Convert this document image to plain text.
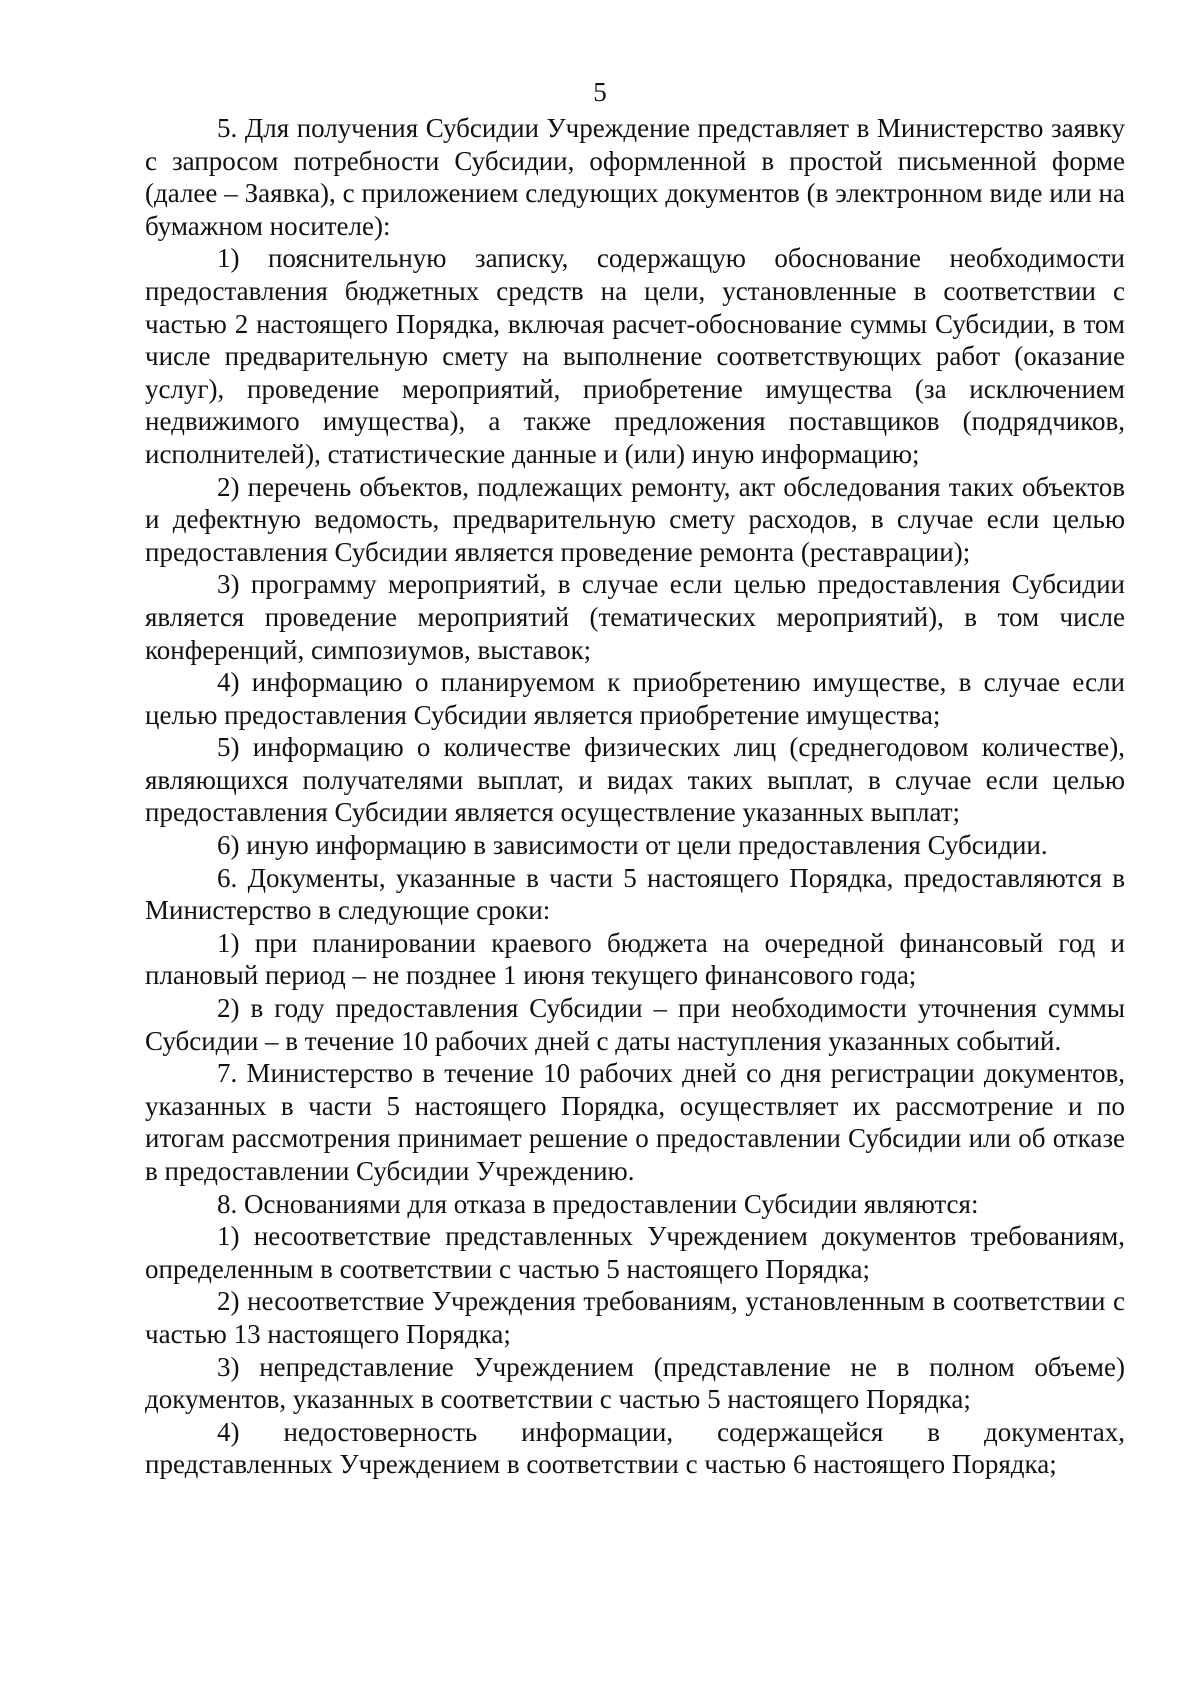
5

5. Для получения Субсидии Учреждение представляет в Министерство заявку с запросом потребности Субсидии, оформленной в простой письменной форме (далее – Заявка), с приложением следующих документов (в электронном виде или на бумажном носителе):

1) пояснительную записку, содержащую обоснование необходимости предоставления бюджетных средств на цели, установленные в соответствии с частью 2 настоящего Порядка, включая расчет-обоснование суммы Субсидии, в том числе предварительную смету на выполнение соответствующих работ (оказание услуг), проведение мероприятий, приобретение имущества (за исключением недвижимого имущества), а также предложения поставщиков (подрядчиков, исполнителей), статистические данные и (или) иную информацию;

2) перечень объектов, подлежащих ремонту, акт обследования таких объектов и дефектную ведомость, предварительную смету расходов, в случае если целью предоставления Субсидии является проведение ремонта (реставрации);

3) программу мероприятий, в случае если целью предоставления Субсидии является проведение мероприятий (тематических мероприятий), в том числе конференций, симпозиумов, выставок;

4) информацию о планируемом к приобретению имуществе, в случае если целью предоставления Субсидии является приобретение имущества;

5) информацию о количестве физических лиц (среднегодовом количестве), являющихся получателями выплат, и видах таких выплат, в случае если целью предоставления Субсидии является осуществление указанных выплат;

6) иную информацию в зависимости от цели предоставления Субсидии.

6. Документы, указанные в части 5 настоящего Порядка, предоставляются в Министерство в следующие сроки:

1) при планировании краевого бюджета на очередной финансовый год и плановый период – не позднее 1 июня текущего финансового года;

2) в году предоставления Субсидии – при необходимости уточнения суммы Субсидии – в течение 10 рабочих дней с даты наступления указанных событий.

7. Министерство в течение 10 рабочих дней со дня регистрации документов, указанных в части 5 настоящего Порядка, осуществляет их рассмотрение и по итогам рассмотрения принимает решение о предоставлении Субсидии или об отказе в предоставлении Субсидии Учреждению.

8. Основаниями для отказа в предоставлении Субсидии являются:

1) несоответствие представленных Учреждением документов требованиям, определенным в соответствии с частью 5 настоящего Порядка;

2) несоответствие Учреждения требованиям, установленным в соответствии с частью 13 настоящего Порядка;

3) непредставление Учреждением (представление не в полном объеме) документов, указанных в соответствии с частью 5 настоящего Порядка;

4) недостоверность информации, содержащейся в документах, представленных Учреждением в соответствии с частью 6 настоящего Порядка;
